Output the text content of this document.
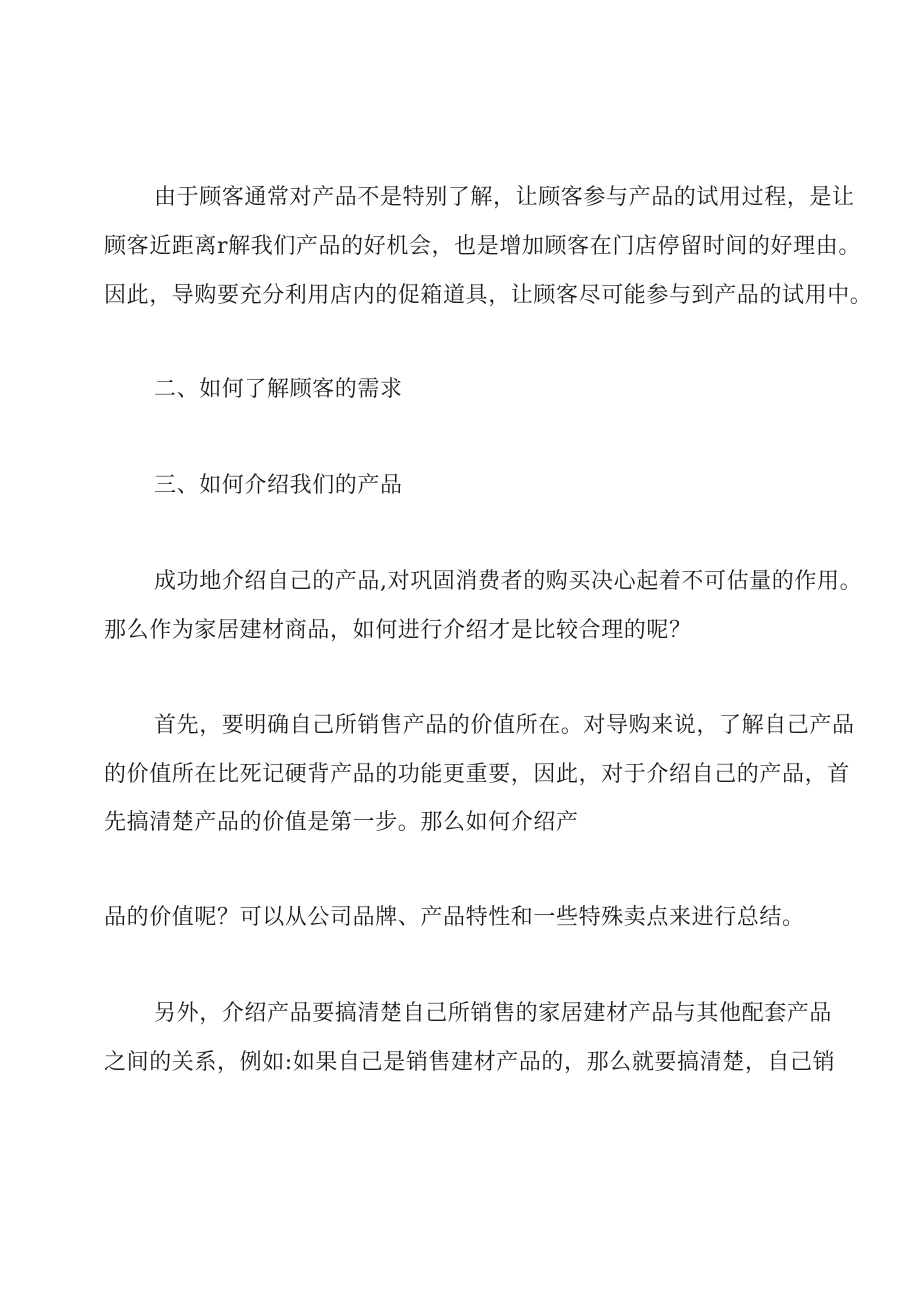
由于顾客通常对产品不是特别了解，让顾客参与产品的试用过程，是让
顾客近距离r解我们产品的好机会，也是增加顾客在门店停留时间的好理由。
因此，导购要充分利用店内的促箱道具，让顾客尽可能参与到产品的试用中。
二、如何了解顾客的需求
三、如何介绍我们的产品
成功地介绍自己的产品,对巩固消费者的购买决心起着不可估量的作用。
那么作为家居建材商品，如何进行介绍才是比较合理的呢？
首先，要明确自己所销售产品的价值所在。对导购来说，了解自己产品
的价值所在比死记硬背产品的功能更重要，因此，对于介绍自己的产品，首
先搞清楚产品的价值是第一步。那么如何介绍产
品的价值呢？可以从公司品牌、产品特性和一些特殊卖点来进行总结。
另外，介绍产品要搞清楚自己所销售的家居建材产品与其他配套产品
之间的关系，例如:如果自己是销售建材产品的，那么就要搞清楚，自己销
